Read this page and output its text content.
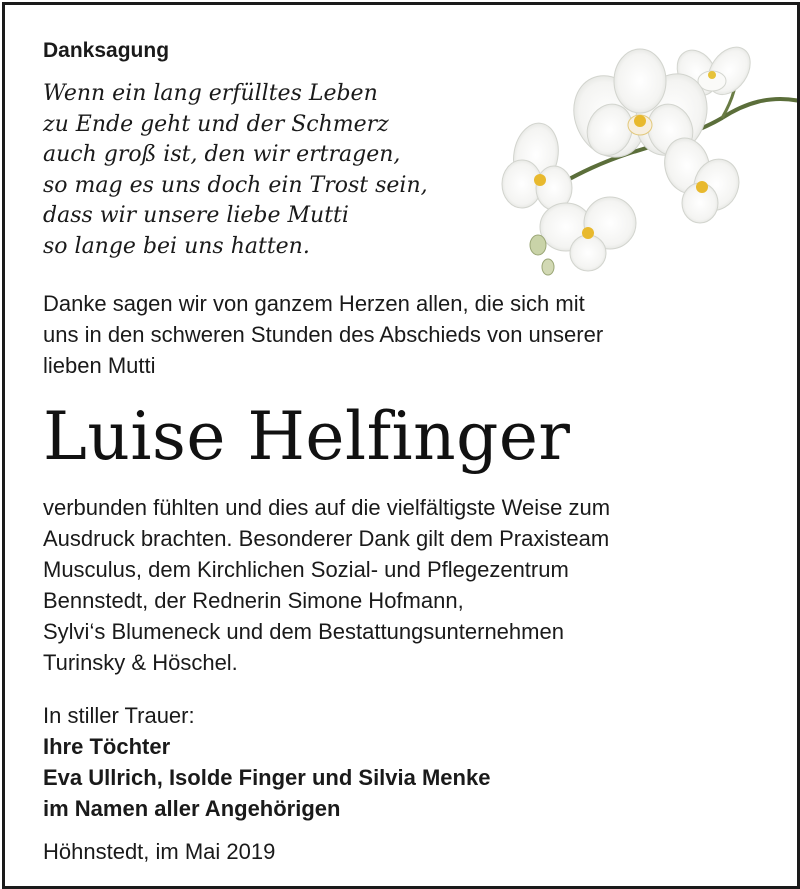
Danksagung
Wenn ein lang erfülltes Leben
zu Ende geht und der Schmerz
auch groß ist, den wir ertragen,
so mag es uns doch ein Trost sein,
dass wir unsere liebe Mutti
so lange bei uns hatten.
Danke sagen wir von ganzem Herzen allen, die sich mit
uns in den schweren Stunden des Abschieds von unserer
lieben Mutti
Luise Helfinger
verbunden fühlten und dies auf die vielfältigste Weise zum
Ausdruck brachten. Besonderer Dank gilt dem Praxisteam
Musculus, dem Kirchlichen Sozial- und Pflegezentrum
Bennstedt, der Rednerin Simone Hofmann,
Sylvi‘s Blumeneck und dem Bestattungsunternehmen
Turinsky & Höschel.
In stiller Trauer:
Ihre Töchter
Eva Ullrich, Isolde Finger und Silvia Menke
im Namen aller Angehörigen
Höhnstedt, im Mai 2019
